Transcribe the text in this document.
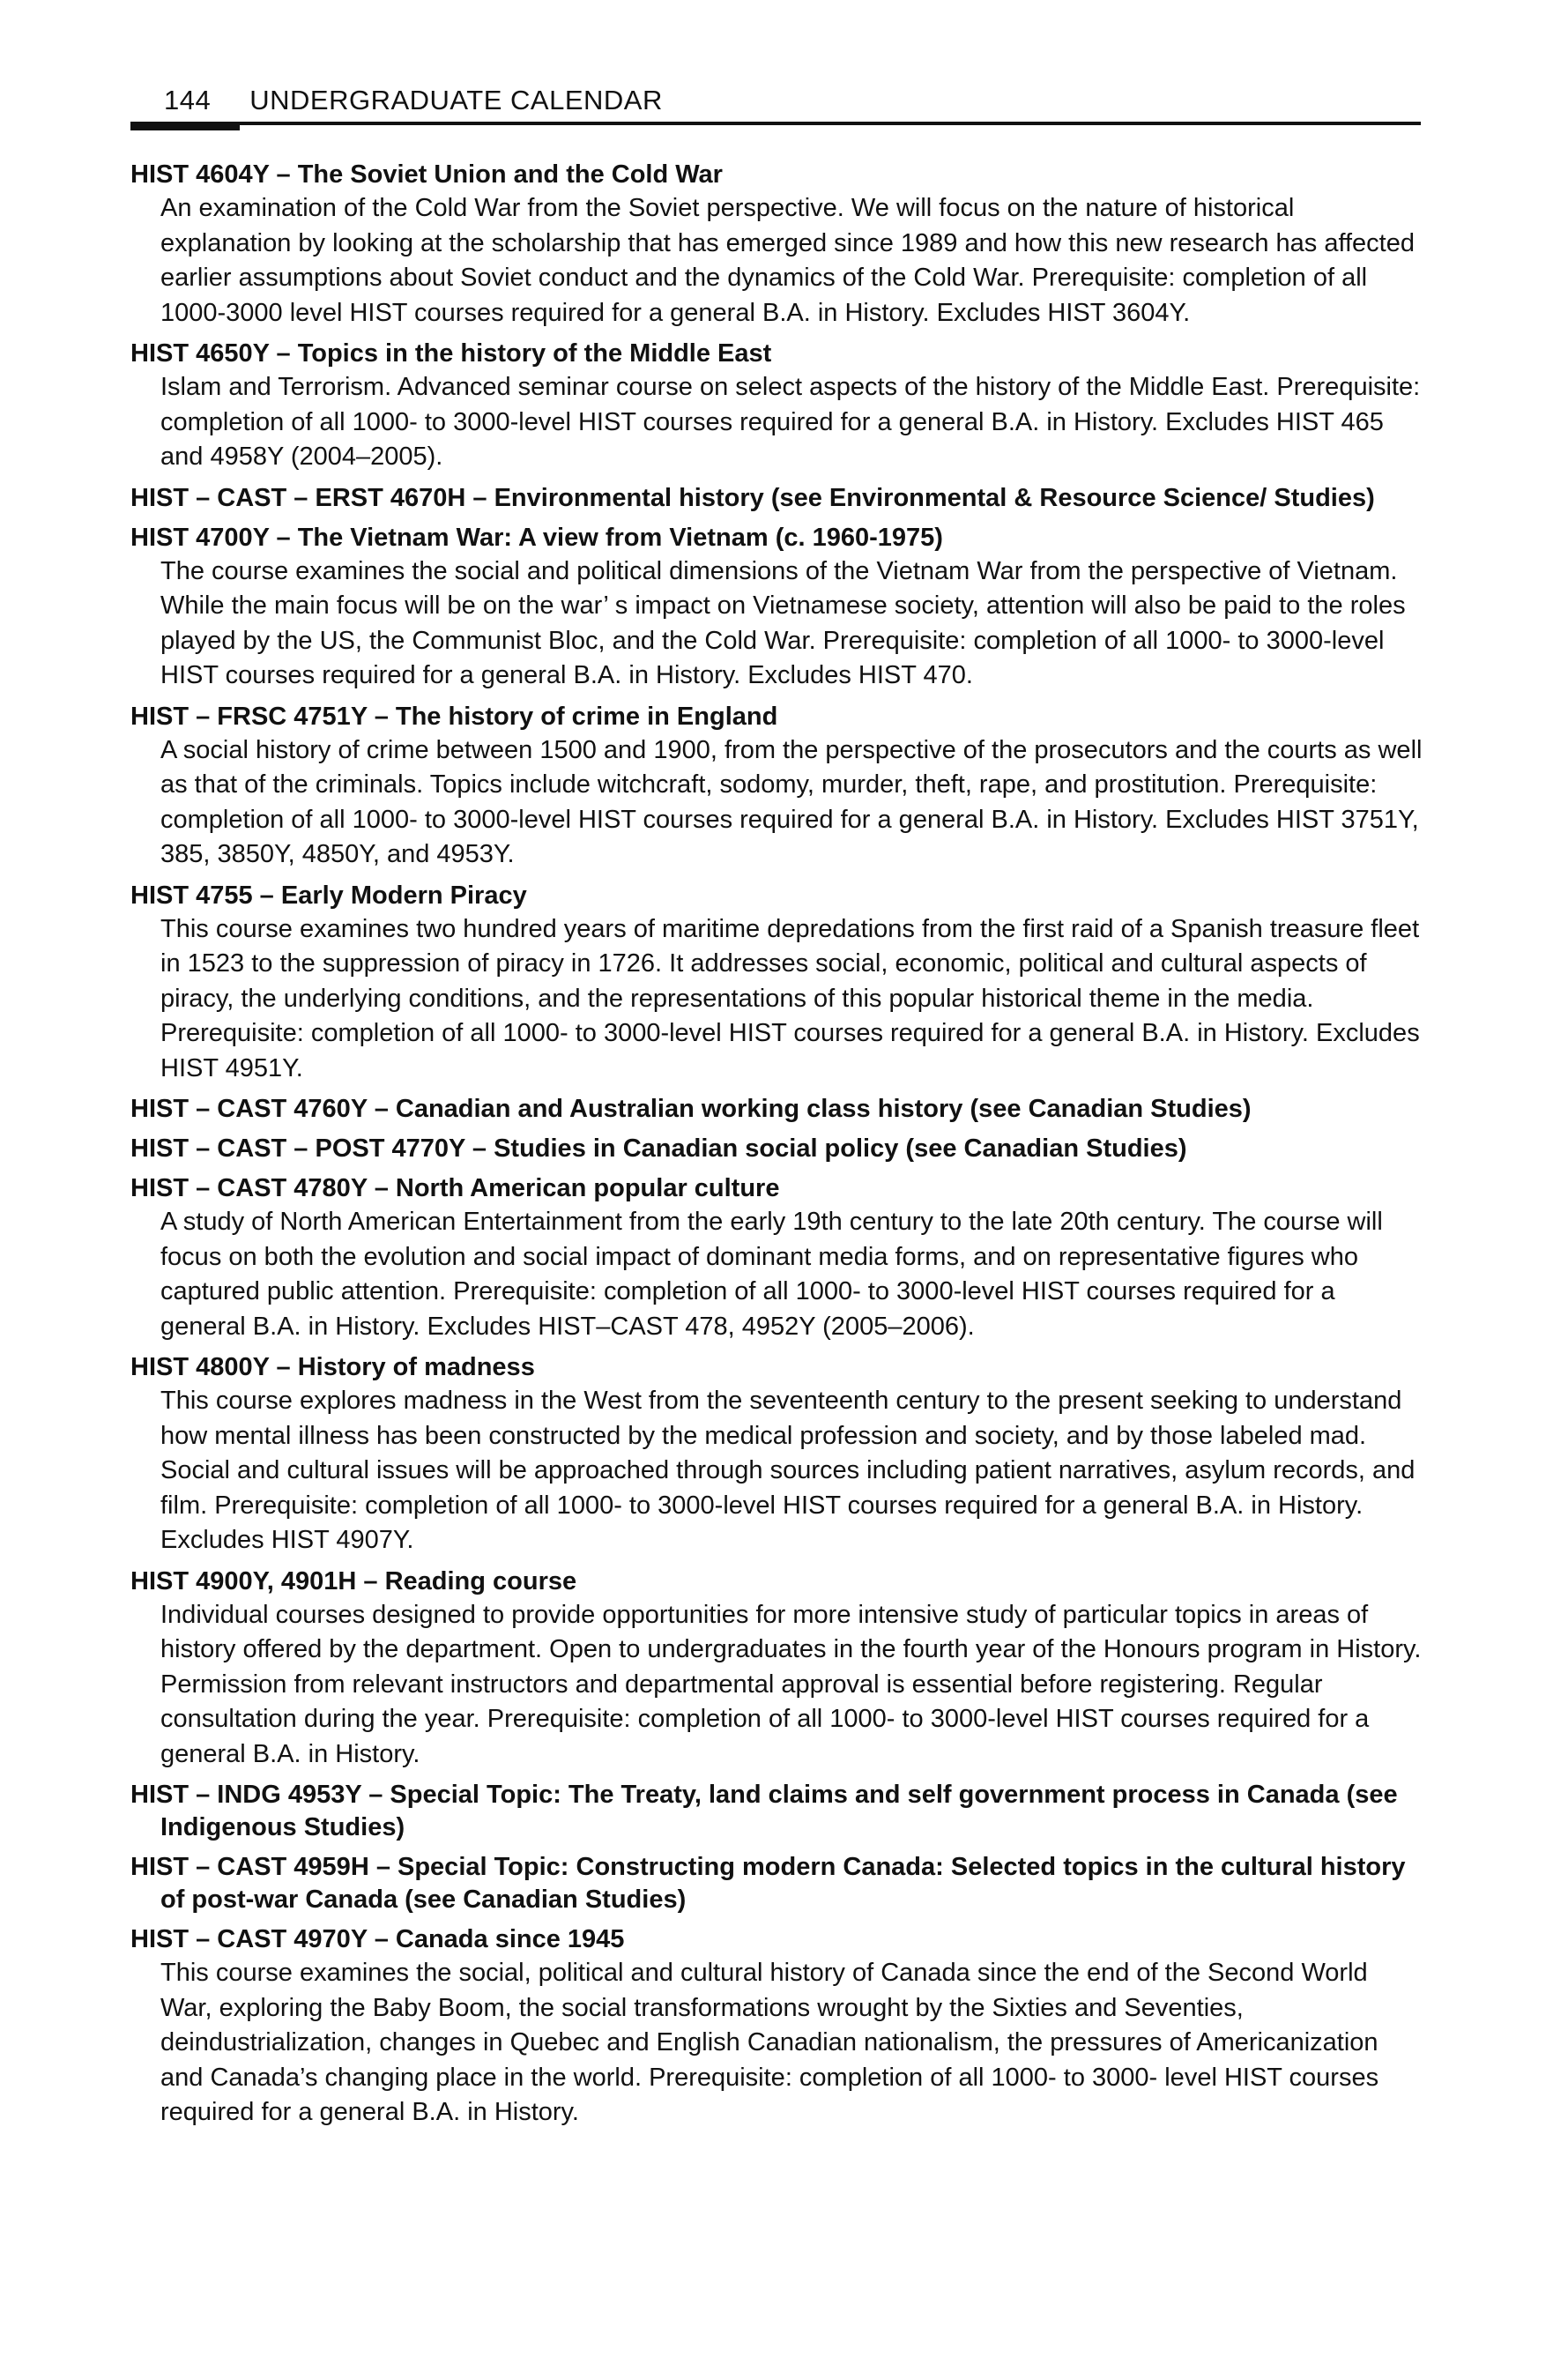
144 UNDERGRADUATE CALENDAR

HIST 4604Y – The Soviet Union and the Cold War

An examination of the Cold War from the Soviet perspective. We will focus on the nature of historical explanation by looking at the scholarship that has emerged since 1989 and how this new research has affected earlier assumptions about Soviet conduct and the dynamics of the Cold War. Prerequisite: completion of all 1000-3000 level HIST courses required for a general B.A. in History. Excludes HIST 3604Y.

HIST 4650Y – Topics in the history of the Middle East

Islam and Terrorism. Advanced seminar course on select aspects of the history of the Middle East. Prerequisite: completion of all 1000- to 3000-level HIST courses required for a general B.A. in History. Excludes HIST 465 and 4958Y (2004–2005).

HIST – CAST – ERST 4670H – Environmental history (see Environmental & Resource Science/ Studies)

HIST 4700Y – The Vietnam War: A view from Vietnam (c. 1960-1975)

The course examines the social and political dimensions of the Vietnam War from the perspective of Vietnam. While the main focus will be on the war’ s impact on Vietnamese society, attention will also be paid to the roles played by the US, the Communist Bloc, and the Cold War. Prerequisite: completion of all 1000- to 3000-level HIST courses required for a general B.A. in History. Excludes HIST 470.

HIST – FRSC 4751Y – The history of crime in England

A social history of crime between 1500 and 1900, from the perspective of the prosecutors and the courts as well as that of the criminals. Topics include witchcraft, sodomy, murder, theft, rape, and prostitution. Prerequisite: completion of all 1000- to 3000-level HIST courses required for a general B.A. in History. Excludes HIST 3751Y, 385, 3850Y, 4850Y, and 4953Y.

HIST 4755 – Early Modern Piracy

This course examines two hundred years of maritime depredations from the first raid of a Spanish treasure fleet in 1523 to the suppression of piracy in 1726. It addresses social, economic, political and cultural aspects of piracy, the underlying conditions, and the representations of this popular historical theme in the media. Prerequisite: completion of all 1000- to 3000-level HIST courses required for a general B.A. in History. Excludes HIST 4951Y.

HIST – CAST 4760Y – Canadian and Australian working class history (see Canadian Studies)

HIST – CAST – POST 4770Y – Studies in Canadian social policy (see Canadian Studies)

HIST – CAST 4780Y – North American popular culture

A study of North American Entertainment from the early 19th century to the late 20th century. The course will focus on both the evolution and social impact of dominant media forms, and on representative figures who captured public attention. Prerequisite: completion of all 1000- to 3000-level HIST courses required for a general B.A. in History. Excludes HIST–CAST 478, 4952Y (2005–2006).

HIST 4800Y – History of madness

This course explores madness in the West from the seventeenth century to the present seeking to understand how mental illness has been constructed by the medical profession and society, and by those labeled mad. Social and cultural issues will be approached through sources including patient narratives, asylum records, and film. Prerequisite: completion of all 1000- to 3000-level HIST courses required for a general B.A. in History. Excludes HIST 4907Y.

HIST 4900Y, 4901H – Reading course

Individual courses designed to provide opportunities for more intensive study of particular topics in areas of history offered by the department. Open to undergraduates in the fourth year of the Honours program in History. Permission from relevant instructors and departmental approval is essential before registering. Regular consultation during the year. Prerequisite: completion of all 1000- to 3000-level HIST courses required for a general B.A. in History.

HIST – INDG 4953Y – Special Topic: The Treaty, land claims and self government process in Canada (see Indigenous Studies)

HIST – CAST 4959H – Special Topic: Constructing modern Canada: Selected topics in the cultural history of post-war Canada (see Canadian Studies)

HIST – CAST 4970Y – Canada since 1945

This course examines the social, political and cultural history of Canada since the end of the Second World War, exploring the Baby Boom, the social transformations wrought by the Sixties and Seventies, deindustrialization, changes in Quebec and English Canadian nationalism, the pressures of Americanization and Canada’s changing place in the world. Prerequisite: completion of all 1000- to 3000- level HIST courses required for a general B.A. in History.
